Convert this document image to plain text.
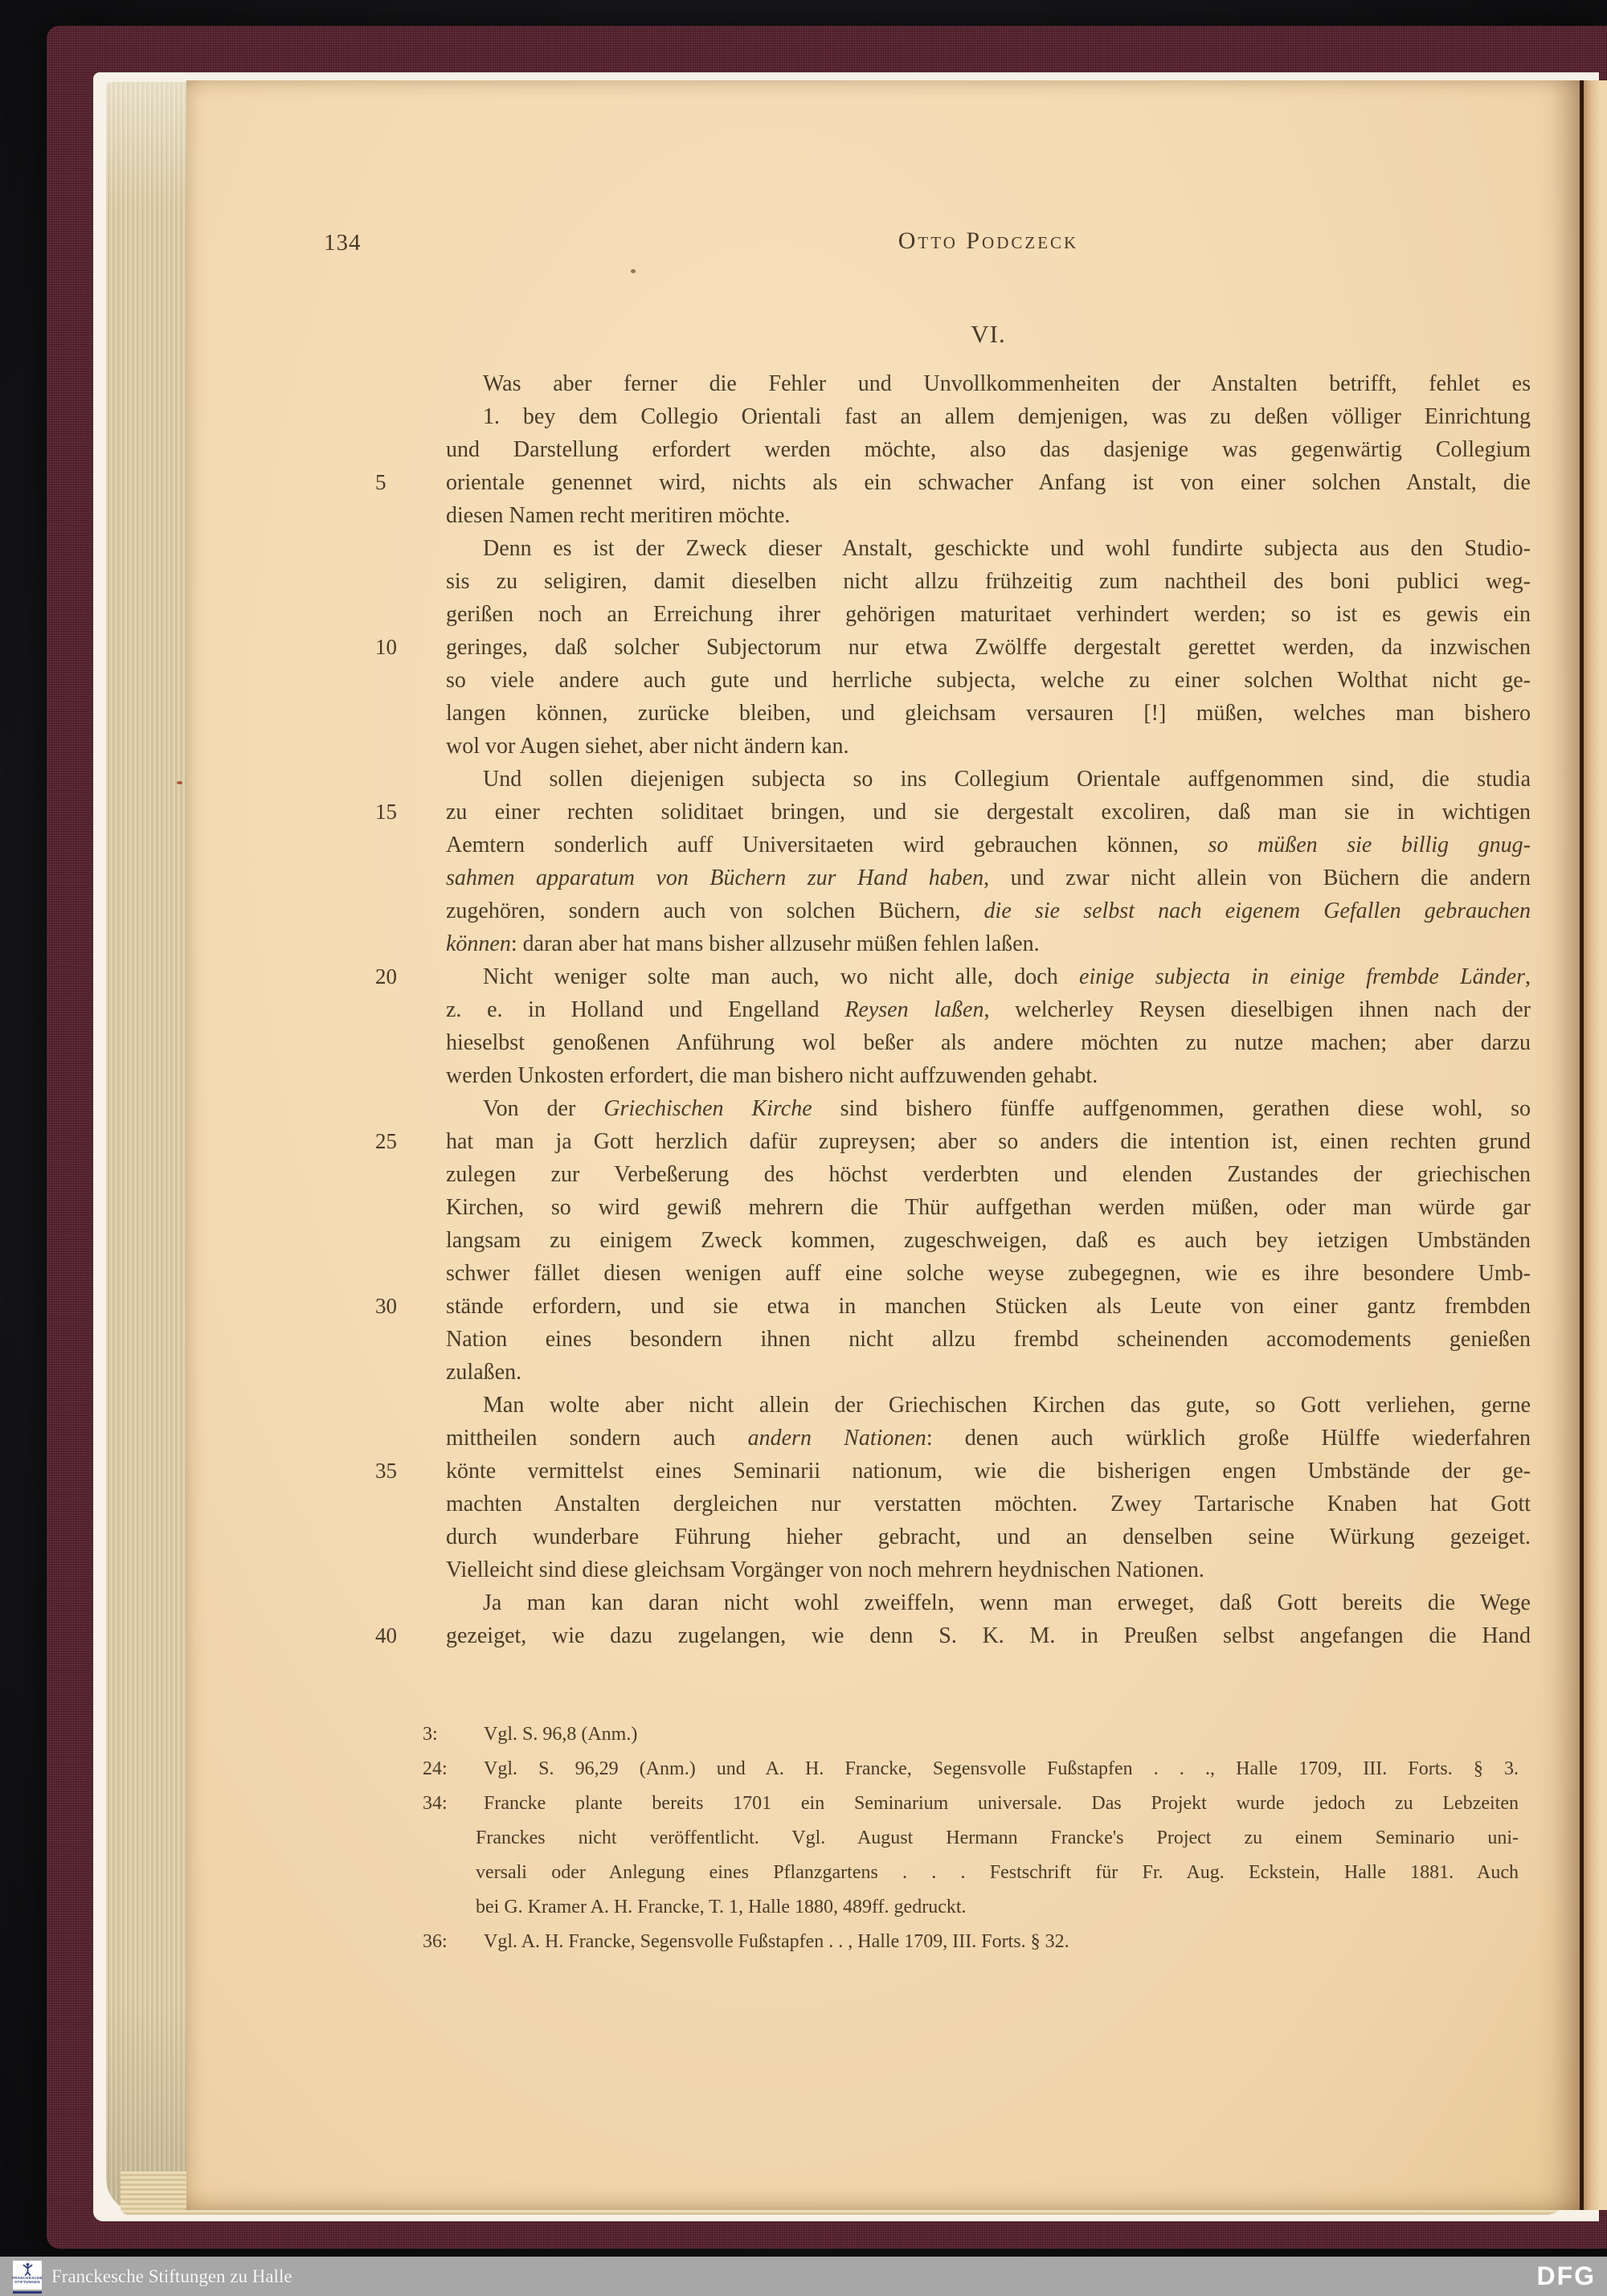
134	Otto Podczeck
VI.
Was aber ferner die Fehler und Unvollkommenheiten der Anstalten betrifft, fehlet es
1. bey dem Collegio Orientali fast an allem demjenigen, was zu deßen völliger Einrichtung
und Darstellung erfordert werden möchte, also das dasjenige was gegenwärtig Collegium
5	orientale genennet wird, nichts als ein schwacher Anfang ist von einer solchen Anstalt, die
diesen Namen recht meritiren möchte.
Denn es ist der Zweck dieser Anstalt, geschickte und wohl fundirte subjecta aus den Studio-
sis zu seligiren, damit dieselben nicht allzu frühzeitig zum nachtheil des boni publici weg-
gerißen noch an Erreichung ihrer gehörigen maturitaet verhindert werden; so ist es gewis ein
10	geringes, daß solcher Subjectorum nur etwa Zwölffe dergestalt gerettet werden, da inzwischen
so viele andere auch gute und herrliche subjecta, welche zu einer solchen Wolthat nicht ge-
langen können, zurücke bleiben, und gleichsam versauren [!] müßen, welches man bishero
wol vor Augen siehet, aber nicht ändern kan.
Und sollen diejenigen subjecta so ins Collegium Orientale auffgenommen sind, die studia
15	zu einer rechten soliditaet bringen, und sie dergestalt excoliren, daß man sie in wichtigen
Aemtern sonderlich auff Universitaeten wird gebrauchen können, so müßen sie billig gnug-
sahmen apparatum von Büchern zur Hand haben, und zwar nicht allein von Büchern die andern
zugehören, sondern auch von solchen Büchern, die sie selbst nach eigenem Gefallen gebrauchen
können: daran aber hat mans bisher allzusehr müßen fehlen laßen.
20	Nicht weniger solte man auch, wo nicht alle, doch einige subjecta in einige frembde Länder,
z. e. in Holland und Engelland Reysen laßen, welcherley Reysen dieselbigen ihnen nach der
hieselbst genoßenen Anführung wol beßer als andere möchten zu nutze machen; aber darzu
werden Unkosten erfordert, die man bishero nicht auffzuwenden gehabt.
Von der Griechischen Kirche sind bishero fünffe auffgenommen, gerathen diese wohl, so
25	hat man ja Gott herzlich dafür zupreysen; aber so anders die intention ist, einen rechten grund
zulegen zur Verbeßerung des höchst verderbten und elenden Zustandes der griechischen
Kirchen, so wird gewiß mehrern die Thür auffgethan werden müßen, oder man würde gar
langsam zu einigem Zweck kommen, zugeschweigen, daß es auch bey ietzigen Umbständen
schwer fället diesen wenigen auff eine solche weyse zubegegnen, wie es ihre besondere Umb-
30	stände erfordern, und sie etwa in manchen Stücken als Leute von einer gantz frembden
Nation eines besondern ihnen nicht allzu frembd scheinenden accomodements genießen
zulaßen.
Man wolte aber nicht allein der Griechischen Kirchen das gute, so Gott verliehen, gerne
mittheilen sondern auch andern Nationen: denen auch würklich große Hülffe wiederfahren
35	könte vermittelst eines Seminarii nationum, wie die bisherigen engen Umbstände der ge-
machten Anstalten dergleichen nur verstatten möchten. Zwey Tartarische Knaben hat Gott
durch wunderbare Führung hieher gebracht, und an denselben seine Würkung gezeiget.
Vielleicht sind diese gleichsam Vorgänger von noch mehrern heydnischen Nationen.
Ja man kan daran nicht wohl zweiffeln, wenn man erweget, daß Gott bereits die Wege
40	gezeiget, wie dazu zugelangen, wie denn S. K. M. in Preußen selbst angefangen die Hand
3: Vgl. S. 96,8 (Anm.)
24: Vgl. S. 96,29 (Anm.) und A. H. Francke, Segensvolle Fußstapfen . . ., Halle 1709, III. Forts. § 3.
34: Francke plante bereits 1701 ein Seminarium universale. Das Projekt wurde jedoch zu Lebzeiten
Franckes nicht veröffentlicht. Vgl. August Hermann Francke's Project zu einem Seminario uni-
versali oder Anlegung eines Pflanzgartens . . . Festschrift für Fr. Aug. Eckstein, Halle 1881. Auch
bei G. Kramer A. H. Francke, T. 1, Halle 1880, 489ff. gedruckt.
36: Vgl. A. H. Francke, Segensvolle Fußstapfen . . , Halle 1709, III. Forts. § 32.
FRANCKESCHE
STIFTUNGEN Franckesche Stiftungen zu Halle	DFG
